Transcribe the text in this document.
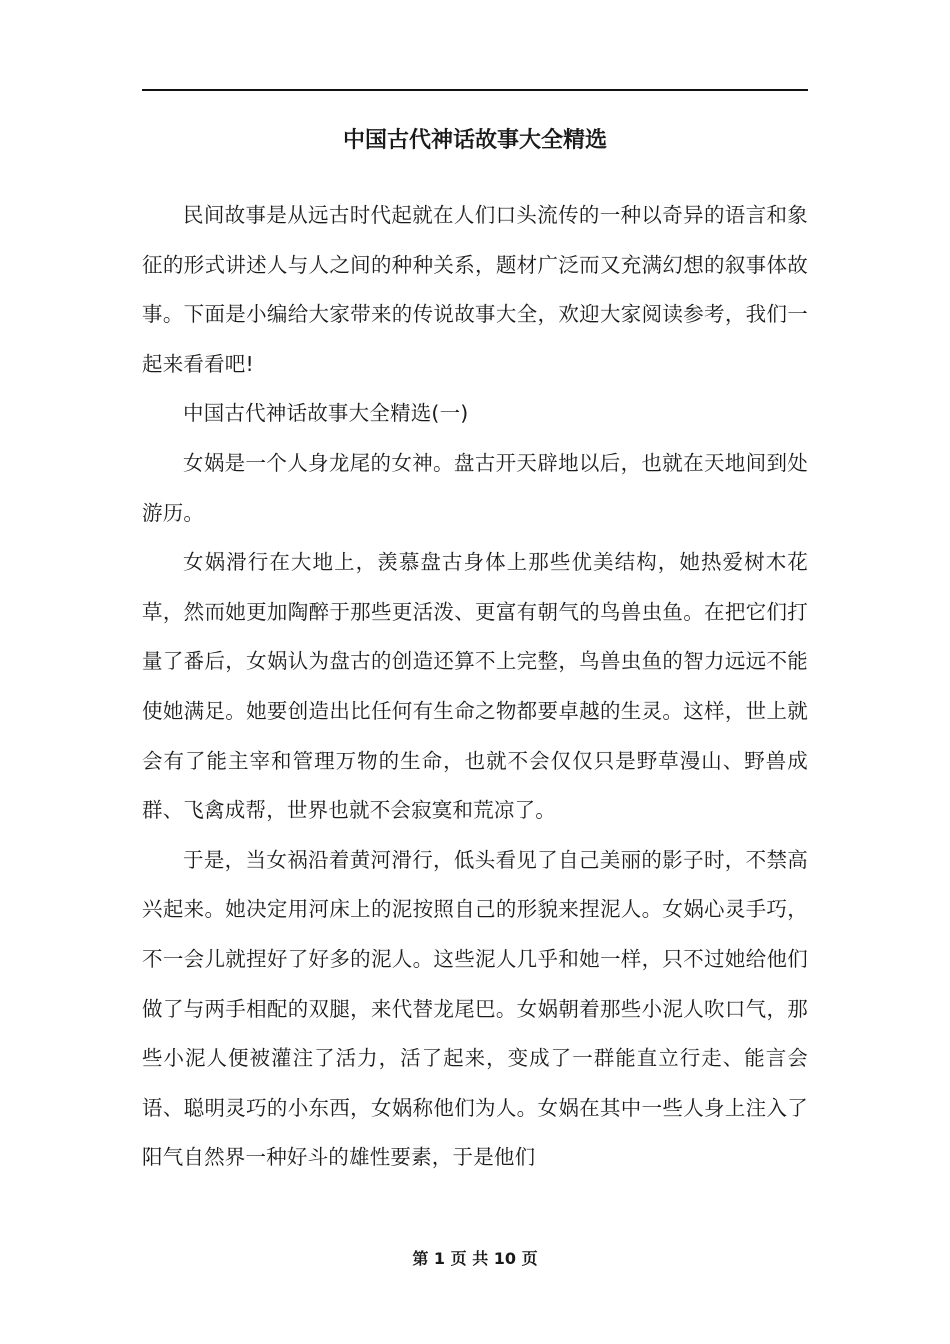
中国古代神话故事大全精选

民间故事是从远古时代起就在人们口头流传的一种以奇异的语言和象征的形式讲述人与人之间的种种关系，题材广泛而又充满幻想的叙事体故事。下面是小编给大家带来的传说故事大全，欢迎大家阅读参考，我们一起来看看吧!

中国古代神话故事大全精选(一)

女娲是一个人身龙尾的女神。盘古开天辟地以后，也就在天地间到处游历。

女娲滑行在大地上，羡慕盘古身体上那些优美结构，她热爱树木花草，然而她更加陶醉于那些更活泼、更富有朝气的鸟兽虫鱼。在把它们打量了番后，女娲认为盘古的创造还算不上完整，鸟兽虫鱼的智力远远不能使她满足。她要创造出比任何有生命之物都要卓越的生灵。这样，世上就会有了能主宰和管理万物的生命，也就不会仅仅只是野草漫山、野兽成群、飞禽成帮，世界也就不会寂寞和荒凉了。

于是，当女祸沿着黄河滑行，低头看见了自己美丽的影子时，不禁高兴起来。她决定用河床上的泥按照自己的形貌来捏泥人。女娲心灵手巧，不一会儿就捏好了好多的泥人。这些泥人几乎和她一样，只不过她给他们做了与两手相配的双腿，来代替龙尾巴。女娲朝着那些小泥人吹口气，那些小泥人便被灌注了活力，活了起来，变成了一群能直立行走、能言会语、聪明灵巧的小东西，女娲称他们为人。女娲在其中一些人身上注入了阳气自然界一种好斗的雄性要素，于是他们

第 1 页 共 10 页
